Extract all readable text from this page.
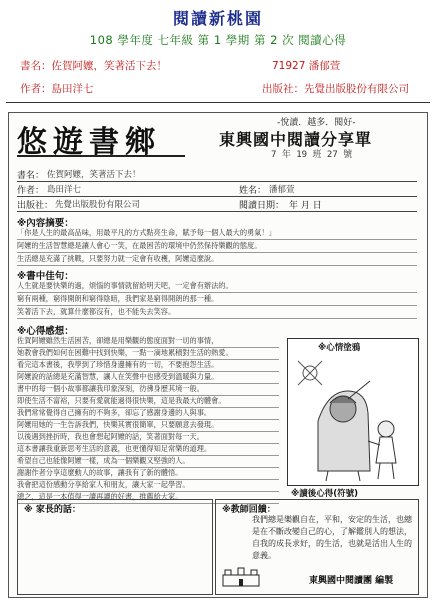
閱讀新桃園
108 學年度 七年級 第 1 學期 第 2 次 閱讀心得
書名：佐賀阿嬤，笑著活下去！	71927 潘郁萱
作者：島田洋七	出版社：先覺出版股份有限公司
悠遊書鄉
-悅讀．越多．閱好-
東興國中閱讀分享單
7 年 19 班 27 號
書名： 佐賀阿嬤，笑著活下去！
作者： 島田洋七	姓名： 潘郁萱
出版社： 先覺出版股份有限公司	閱讀日期： 年 月 日
※內容摘要：
「你是人生的最高品味，用最平凡的方式點亮生命，賦予每一個人最大的勇氣！」
阿嬤的生活智慧總是讓人會心一笑，在最困苦的環境中仍然保持樂觀的態度。
生活總是充滿了挑戰，只要努力就一定會有收穫，阿嬤這麼說。
※書中佳句：
人生就是要快樂的過，煩惱的事情就留給明天吧，一定會有辦法的。
窮有兩種，窮得開朗和窮得陰暗，我們家是窮得開朗的那一種。
笑著活下去，就算什麼都沒有，也不能失去笑容。
※心得感想：
佐賀阿嬤雖然生活困苦，卻總是用樂觀的態度面對一切的事情，
她教會我們如何在困難中找到快樂，一點一滴地累積對生活的熱愛。
看完這本書後，我學到了珍惜身邊擁有的一切，不要抱怨生活。
阿嬤說的話總是充滿智慧，讓人在笑聲中也感受到溫暖與力量。
書中的每一個小故事都讓我印象深刻，彷彿身歷其境一般。
即使生活不富裕，只要有愛就能過得很快樂，這是我最大的體會。
我們常常覺得自己擁有的不夠多，卻忘了感謝身邊的人與事。
阿嬤用她的一生告訴我們，快樂其實很簡單，只要願意去發現。
以後遇到挫折時，我也會想起阿嬤的話，笑著面對每一天。
這本書讓我重新思考生活的意義，也更懂得知足常樂的道理。
希望自己也能像阿嬤一樣，成為一個樂觀又堅強的人。
謝謝作者分享這麼動人的故事，讓我有了新的體悟。
我會把這份感動分享給家人和朋友，讓大家一起學習。
總之，這是一本值得一讀再讀的好書，推薦給大家。
※心情塗鴉
※讀後心得(符號)
※ 家長的話：	※教師回饋：
我們總是樂觀自在，平和，安定的生活，也總是在不斷改變自己的心，了解鑑別人的想法，自我的成長求好，的生活，也就是活出人生的意義。
東興國中閱讀團 編製
